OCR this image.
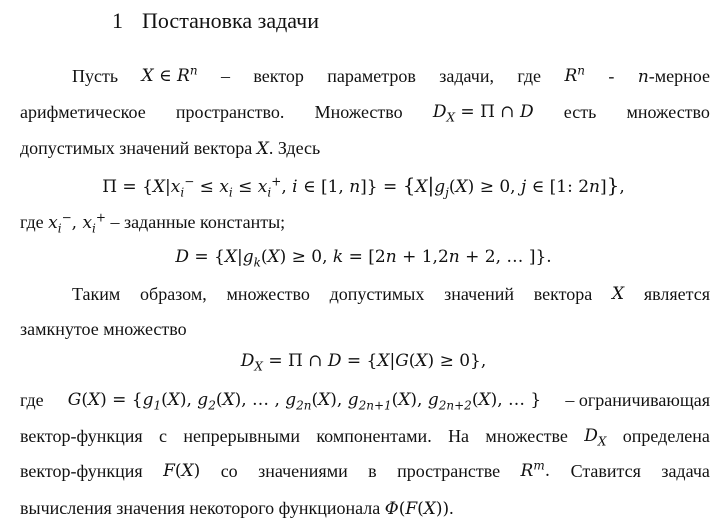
1 Постановка задачи
Пусть X ∈ $R^n$ – вектор параметров задачи, где $R^n$ - n-мерное
арифметическое пространство. Множество $D_X = \Pi$ ∩ D есть множество
допустимых значений вектора X. Здесь
$\Pi = \{X|x_i^- \le x_i \le x_i^+$, i ∈ [1, $n]\} = \{X|g_j(X) \ge 0$, j ∈ [1: 2n]},
где $x_i^-$, $x_i^+$ – заданные константы;
$D = \{X|g_k(X) \ge 0$, k = [2n + 1,2n + 2, … ]}.
Таким образом, множество допустимых значений вектора X является
замкнутое множество
$D_X = \Pi$ ∩ D = {X|G(X) ≥ 0},
где $G(X) = \{g_1(X)$, $g_2(X)$, … , $g_{2n}(X)$, $g_{2n+1}(X)$, $g_{2n+2}(X)$, … } – ограничивающая
вектор-функция с непрерывными компонентами. На множестве $D_X$ определена
вектор-функция F(X) со значениями в пространстве $R^m$. Ставится задача
вычисления значения некоторого функционала Φ(F(X)).
